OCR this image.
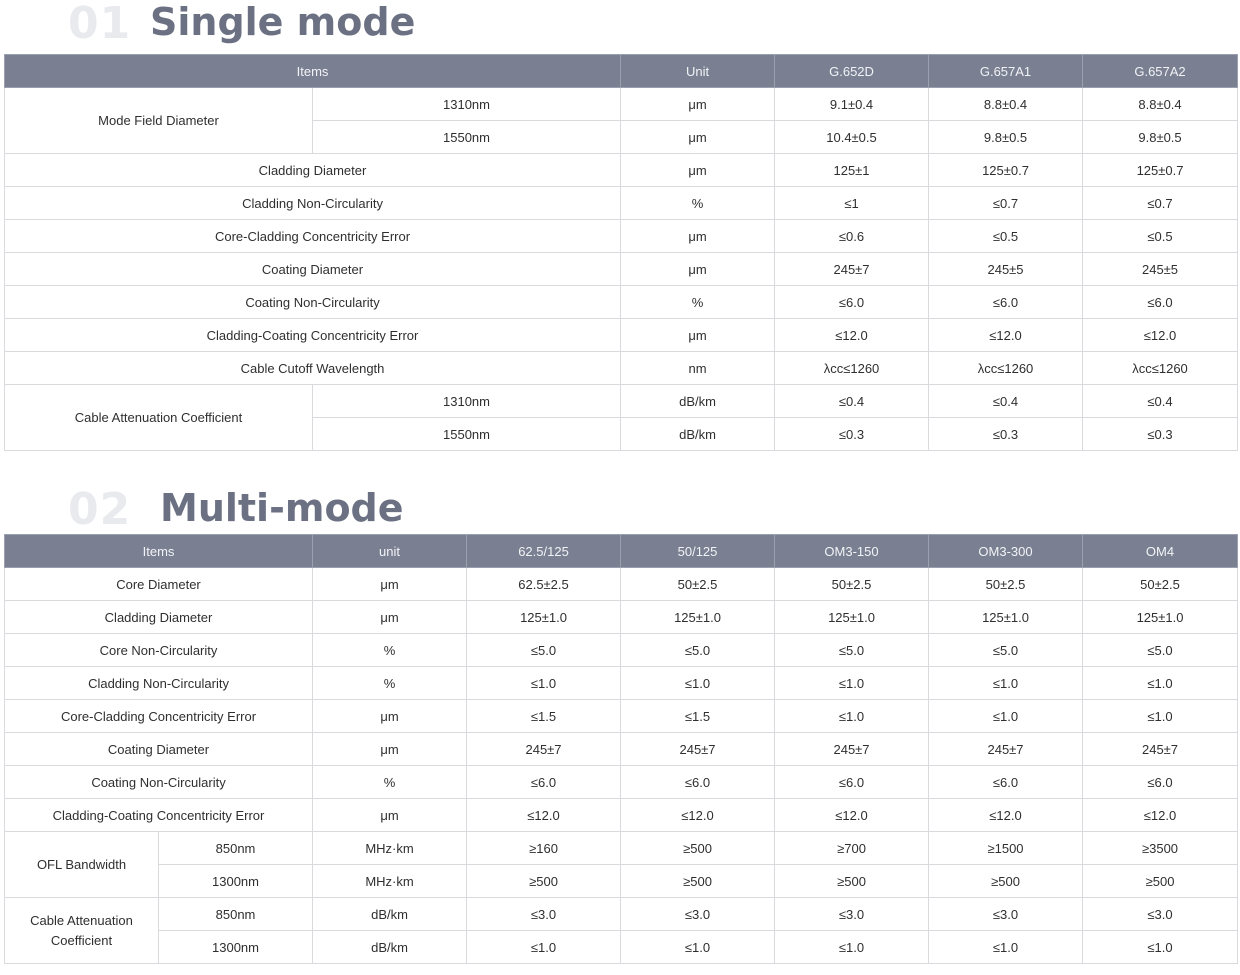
01 Single mode
Items		Unit	G.652D	G.657A1	G.657A2
Mode Field Diameter	1310nm	μm	9.1±0.4	8.8±0.4	8.8±0.4
	1550nm	μm	10.4±0.5	9.8±0.5	9.8±0.5
Cladding Diameter		μm	125±1	125±0.7	125±0.7
Cladding Non-Circularity		%	≤1	≤0.7	≤0.7
Core-Cladding Concentricity Error		μm	≤0.6	≤0.5	≤0.5
Coating Diameter		μm	245±7	245±5	245±5
Coating Non-Circularity		%	≤6.0	≤6.0	≤6.0
Cladding-Coating Concentricity Error		μm	≤12.0	≤12.0	≤12.0
Cable Cutoff Wavelength		nm	λcc≤1260	λcc≤1260	λcc≤1260
Cable Attenuation Coefficient	1310nm	dB/km	≤0.4	≤0.4	≤0.4
	1550nm	dB/km	≤0.3	≤0.3	≤0.3
02 Multi-mode
Items		unit	62.5/125	50/125	OM3-150	OM3-300	OM4
Core Diameter		μm	62.5±2.5	50±2.5	50±2.5	50±2.5	50±2.5
Cladding Diameter		μm	125±1.0	125±1.0	125±1.0	125±1.0	125±1.0
Core Non-Circularity		%	≤5.0	≤5.0	≤5.0	≤5.0	≤5.0
Cladding Non-Circularity		%	≤1.0	≤1.0	≤1.0	≤1.0	≤1.0
Core-Cladding Concentricity Error		μm	≤1.5	≤1.5	≤1.0	≤1.0	≤1.0
Coating Diameter		μm	245±7	245±7	245±7	245±7	245±7
Coating Non-Circularity		%	≤6.0	≤6.0	≤6.0	≤6.0	≤6.0
Cladding-Coating Concentricity Error		μm	≤12.0	≤12.0	≤12.0	≤12.0	≤12.0
OFL Bandwidth	850nm	MHz·km	≥160	≥500	≥700	≥1500	≥3500
	1300nm	MHz·km	≥500	≥500	≥500	≥500	≥500
Cable Attenuation Coefficient	850nm	dB/km	≤3.0	≤3.0	≤3.0	≤3.0	≤3.0
	1300nm	dB/km	≤1.0	≤1.0	≤1.0	≤1.0	≤1.0
